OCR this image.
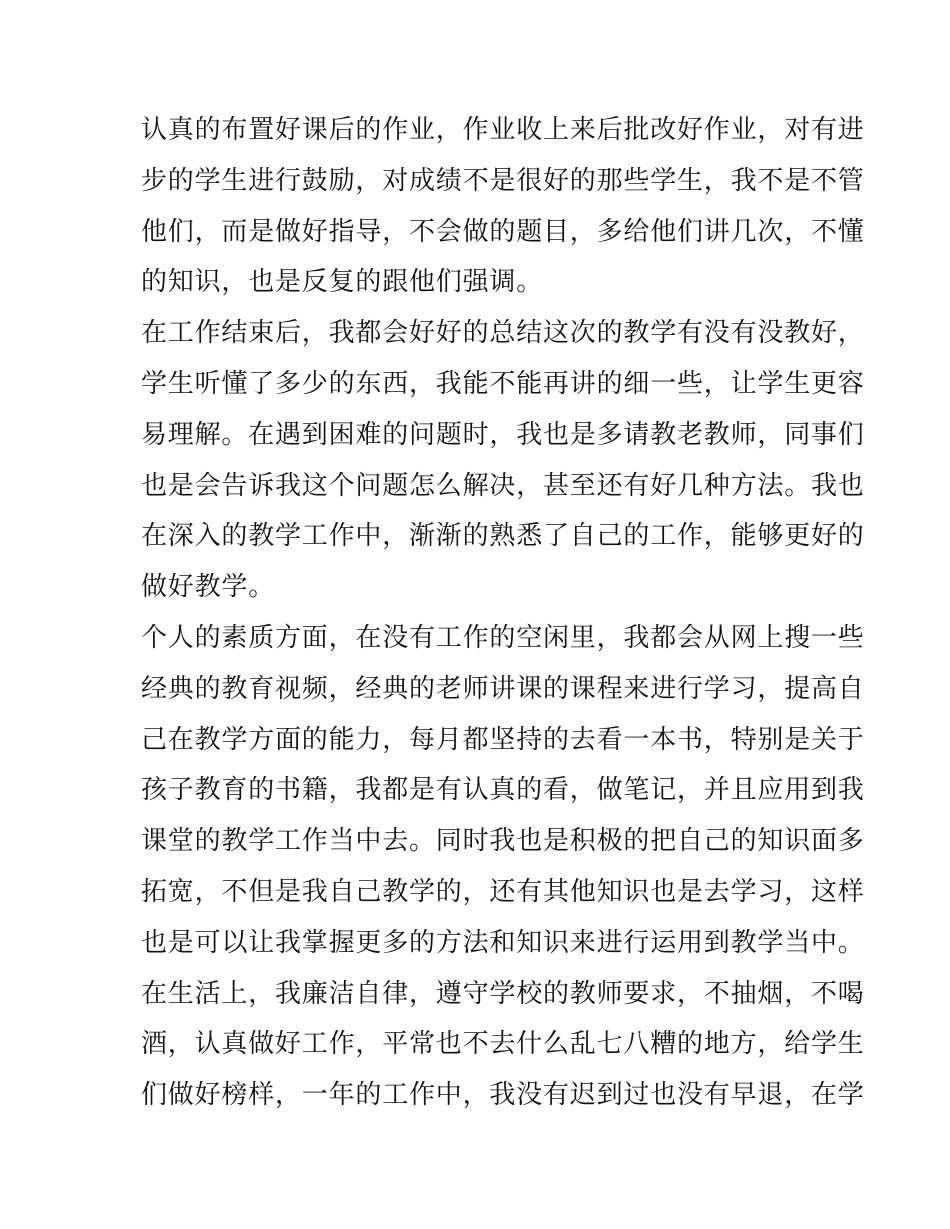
认真的布置好课后的作业，作业收上来后批改好作业，对有进
步的学生进行鼓励，对成绩不是很好的那些学生，我不是不管
他们，而是做好指导，不会做的题目，多给他们讲几次，不懂
的知识，也是反复的跟他们强调。
在工作结束后，我都会好好的总结这次的教学有没有没教好，
学生听懂了多少的东西，我能不能再讲的细一些，让学生更容
易理解。在遇到困难的问题时，我也是多请教老教师，同事们
也是会告诉我这个问题怎么解决，甚至还有好几种方法。我也
在深入的教学工作中，渐渐的熟悉了自己的工作，能够更好的
做好教学。
个人的素质方面，在没有工作的空闲里，我都会从网上搜一些
经典的教育视频，经典的老师讲课的课程来进行学习，提高自
己在教学方面的能力，每月都坚持的去看一本书，特别是关于
孩子教育的书籍，我都是有认真的看，做笔记，并且应用到我
课堂的教学工作当中去。同时我也是积极的把自己的知识面多
拓宽，不但是我自己教学的，还有其他知识也是去学习，这样
也是可以让我掌握更多的方法和知识来进行运用到教学当中。
在生活上，我廉洁自律，遵守学校的教师要求，不抽烟，不喝
酒，认真做好工作，平常也不去什么乱七八糟的地方，给学生
们做好榜样，一年的工作中，我没有迟到过也没有早退，在学
